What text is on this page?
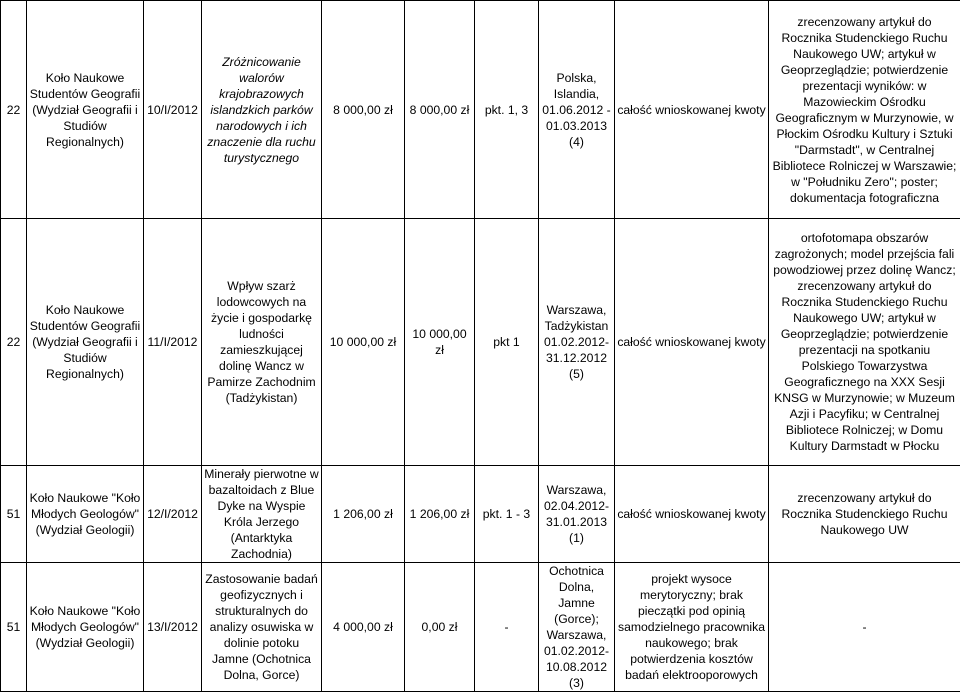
22	Koło Naukowe Studentów Geografii (Wydział Geografii i Studiów Regionalnych)	10/I/2012	Zróżnicowanie walorów krajobrazowych islandzkich parków narodowych i ich znaczenie dla ruchu turystycznego	8 000,00 zł	8 000,00 zł	pkt. 1, 3	Polska, Islandia, 01.06.2012 - 01.03.2013 (4)	całość wnioskowanej kwoty	zrecenzowany artykuł do Rocznika Studenckiego Ruchu Naukowego UW; artykuł w Geoprzeglądzie; potwierdzenie prezentacji wyników: w Mazowieckim Ośrodku Geograficznym w Murzynowie, w Płockim Ośrodku Kultury i Sztuki "Darmstadt", w Centralnej Bibliotece Rolniczej w Warszawie; w "Południku Zero"; poster; dokumentacja fotograficzna
22	Koło Naukowe Studentów Geografii (Wydział Geografii i Studiów Regionalnych)	11/I/2012	Wpływ szarż lodowcowych na życie i gospodarkę ludności zamieszkującej dolinę Wancz w Pamirze Zachodnim (Tadżykistan)	10 000,00 zł	10 000,00 zł	pkt 1	Warszawa, Tadżykistan 01.02.2012- 31.12.2012 (5)	całość wnioskowanej kwoty	ortofotomapa obszarów zagrożonych; model przejścia fali powodziowej przez dolinę Wancz; zrecenzowany artykuł do Rocznika Studenckiego Ruchu Naukowego UW; artykuł w Geoprzeglądzie; potwierdzenie prezentacji na spotkaniu Polskiego Towarzystwa Geograficznego na XXX Sesji KNSG w Murzynowie; w Muzeum Azji i Pacyfiku; w Centralnej Bibliotece Rolniczej; w Domu Kultury Darmstadt w Płocku
51	Koło Naukowe "Koło Młodych Geologów" (Wydział Geologii)	12/I/2012	Minerały pierwotne w bazaltoidach z Blue Dyke na Wyspie Króla Jerzego (Antarktyka Zachodnia)	1 206,00 zł	1 206,00 zł	pkt. 1 - 3	Warszawa, 02.04.2012- 31.01.2013 (1)	całość wnioskowanej kwoty	zrecenzowany artykuł do Rocznika Studenckiego Ruchu Naukowego UW
51	Koło Naukowe "Koło Młodych Geologów" (Wydział Geologii)	13/I/2012	Zastosowanie badań geofizycznych i strukturalnych do analizy osuwiska w dolinie potoku Jamne (Ochotnica Dolna, Gorce)	4 000,00 zł	0,00 zł	-	Ochotnica Dolna, Jamne (Gorce); Warszawa, 01.02.2012- 10.08.2012 (3)	projekt wysoce merytoryczny; brak pieczątki pod opinią samodzielnego pracownika naukowego; brak potwierdzenia kosztów badań elektrooporowych	-
